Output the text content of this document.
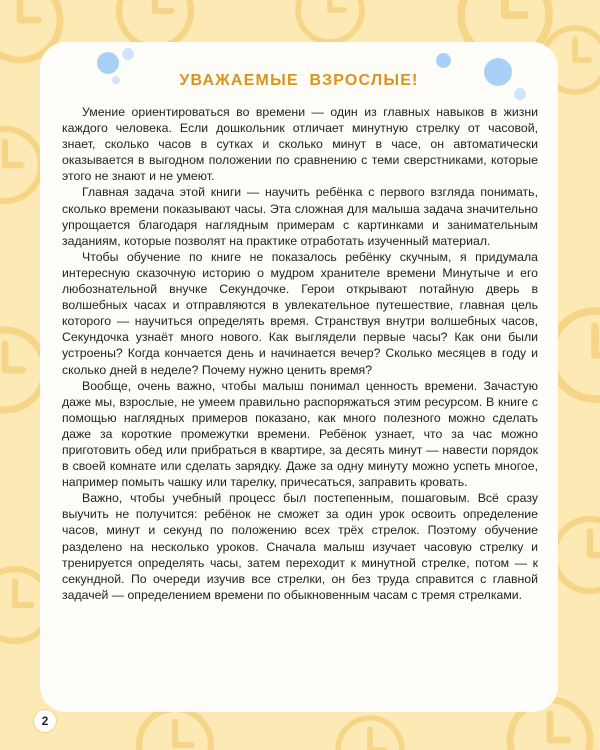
УВАЖАЕМЫЕ ВЗРОСЛЫЕ!

Умение ориентироваться во времени — один из главных навыков в жизни каждого человека. Если дошкольник отличает минутную стрелку от часовой, знает, сколько часов в сутках и сколько минут в часе, он автоматически оказывается в выгодном положении по сравнению с теми сверстниками, которые этого не знают и не умеют.

Главная задача этой книги — научить ребёнка с первого взгляда понимать, сколько времени показывают часы. Эта сложная для малыша задача значительно упрощается благодаря наглядным примерам с картинками и занимательным заданиям, которые позволят на практике отработать изученный материал.

Чтобы обучение по книге не показалось ребёнку скучным, я придумала интересную сказочную историю о мудром хранителе времени Минутыче и его любознательной внучке Секундочке. Герои открывают потайную дверь в волшебных часах и отправляются в увлекательное путешествие, главная цель которого — научиться определять время. Странствуя внутри волшебных часов, Секундочка узнаёт много нового. Как выглядели первые часы? Как они были устроены? Когда кончается день и начинается вечер? Сколько месяцев в году и сколько дней в неделе? Почему нужно ценить время?

Вообще, очень важно, чтобы малыш понимал ценность времени. Зачастую даже мы, взрослые, не умеем правильно распоряжаться этим ресурсом. В книге с помощью наглядных примеров показано, как много полезного можно сделать даже за короткие промежутки времени. Ребёнок узнает, что за час можно приготовить обед или прибраться в квартире, за десять минут — навести порядок в своей комнате или сделать зарядку. Даже за одну минуту можно успеть многое, например помыть чашку или тарелку, причесаться, заправить кровать.

Важно, чтобы учебный процесс был постепенным, пошаговым. Всё сразу выучить не получится: ребёнок не сможет за один урок освоить определение часов, минут и секунд по положению всех трёх стрелок. Поэтому обучение разделено на несколько уроков. Сначала малыш изучает часовую стрелку и тренируется определять часы, затем переходит к минутной стрелке, потом — к секундной. По очереди изучив все стрелки, он без труда справится с главной задачей — определением времени по обыкновенным часам с тремя стрелками.

2
